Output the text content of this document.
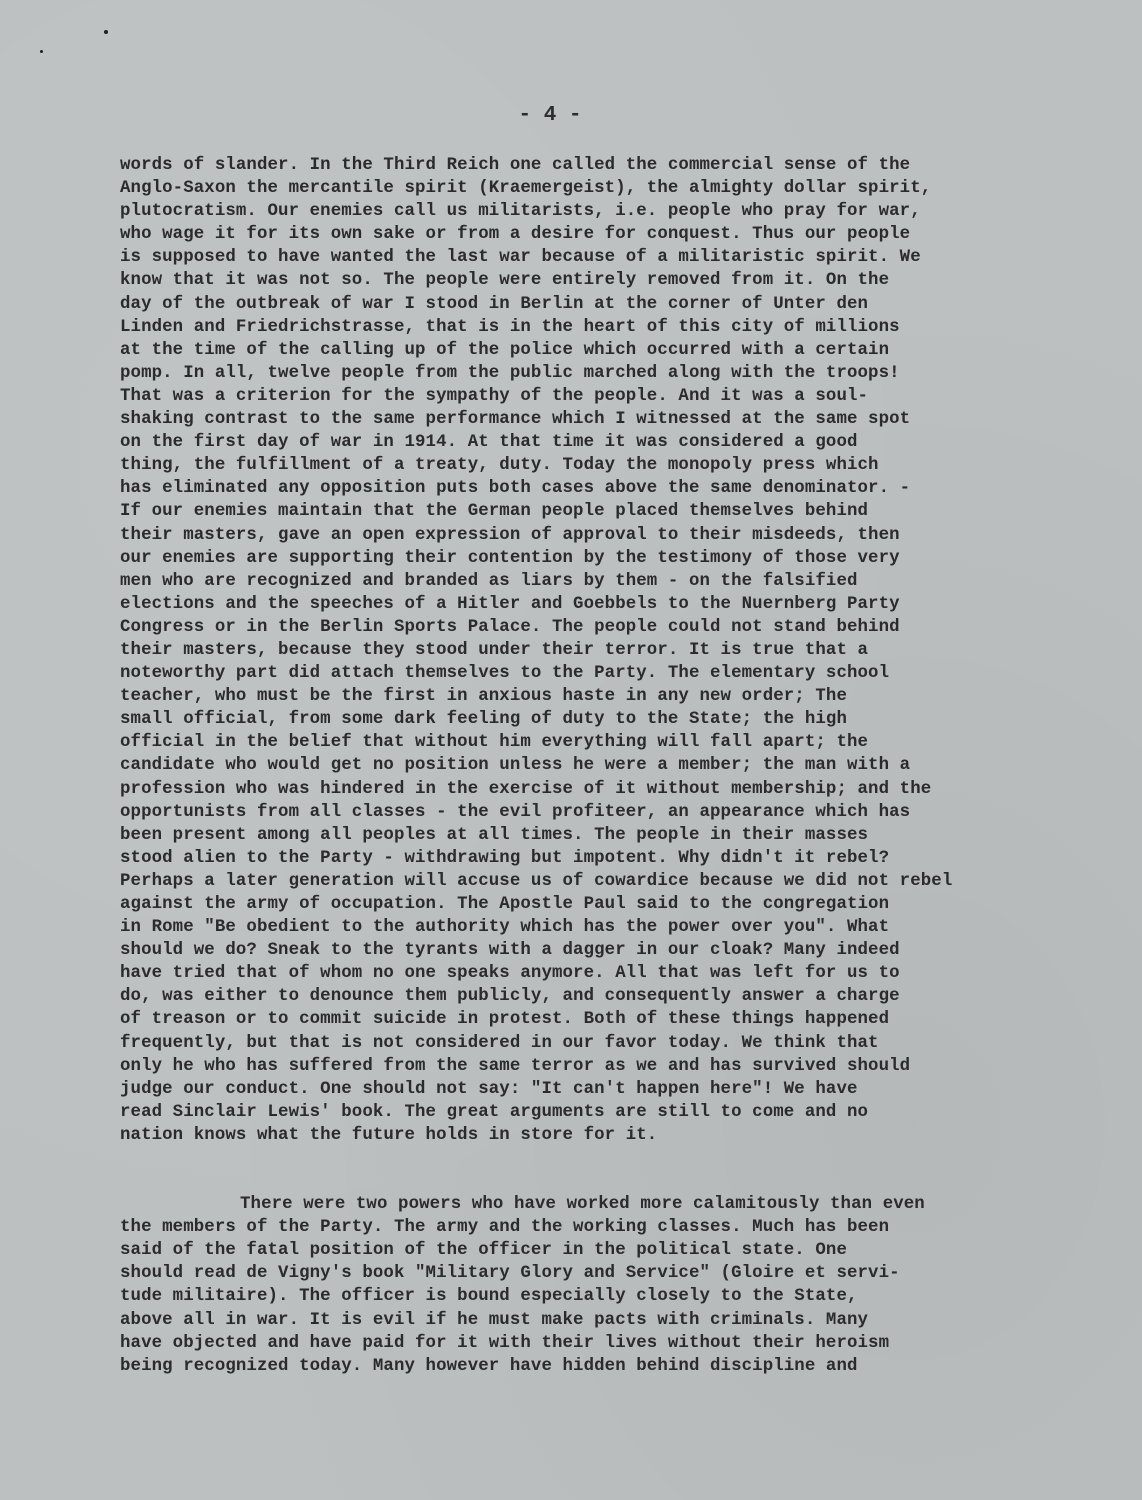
- 4 -
words of slander. In the Third Reich one called the commercial sense of the
Anglo-Saxon the mercantile spirit (Kraemergeist), the almighty dollar spirit,
plutocratism. Our enemies call us militarists, i.e. people who pray for war,
who wage it for its own sake or from a desire for conquest. Thus our people
is supposed to have wanted the last war because of a militaristic spirit. We
know that it was not so. The people were entirely removed from it. On the
day of the outbreak of war I stood in Berlin at the corner of Unter den
Linden and Friedrichstrasse, that is in the heart of this city of millions
at the time of the calling up of the police which occurred with a certain
pomp. In all, twelve people from the public marched along with the troops!
That was a criterion for the sympathy of the people. And it was a soul-
shaking contrast to the same performance which I witnessed at the same spot
on the first day of war in 1914. At that time it was considered a good
thing, the fulfillment of a treaty, duty. Today the monopoly press which
has eliminated any opposition puts both cases above the same denominator. -
If our enemies maintain that the German people placed themselves behind
their masters, gave an open expression of approval to their misdeeds, then
our enemies are supporting their contention by the testimony of those very
men who are recognized and branded as liars by them - on the falsified
elections and the speeches of a Hitler and Goebbels to the Nuernberg Party
Congress or in the Berlin Sports Palace. The people could not stand behind
their masters, because they stood under their terror. It is true that a
noteworthy part did attach themselves to the Party. The elementary school
teacher, who must be the first in anxious haste in any new order; The
small official, from some dark feeling of duty to the State; the high
official in the belief that without him everything will fall apart; the
candidate who would get no position unless he were a member; the man with a
profession who was hindered in the exercise of it without membership; and the
opportunists from all classes - the evil profiteer, an appearance which has
been present among all peoples at all times. The people in their masses
stood alien to the Party - withdrawing but impotent. Why didn't it rebel?
Perhaps a later generation will accuse us of cowardice because we did not rebel
against the army of occupation. The Apostle Paul said to the congregation
in Rome "Be obedient to the authority which has the power over you". What
should we do? Sneak to the tyrants with a dagger in our cloak? Many indeed
have tried that of whom no one speaks anymore. All that was left for us to
do, was either to denounce them publicly, and consequently answer a charge
of treason or to commit suicide in protest. Both of these things happened
frequently, but that is not considered in our favor today. We think that
only he who has suffered from the same terror as we and has survived should
judge our conduct. One should not say: "It can't happen here"! We have
read Sinclair Lewis' book. The great arguments are still to come and no
nation knows what the future holds in store for it.
There were two powers who have worked more calamitously than even
the members of the Party. The army and the working classes. Much has been
said of the fatal position of the officer in the political state. One
should read de Vigny's book "Military Glory and Service" (Gloire et servi-
tude militaire). The officer is bound especially closely to the State,
above all in war. It is evil if he must make pacts with criminals. Many
have objected and have paid for it with their lives without their heroism
being recognized today. Many however have hidden behind discipline and
